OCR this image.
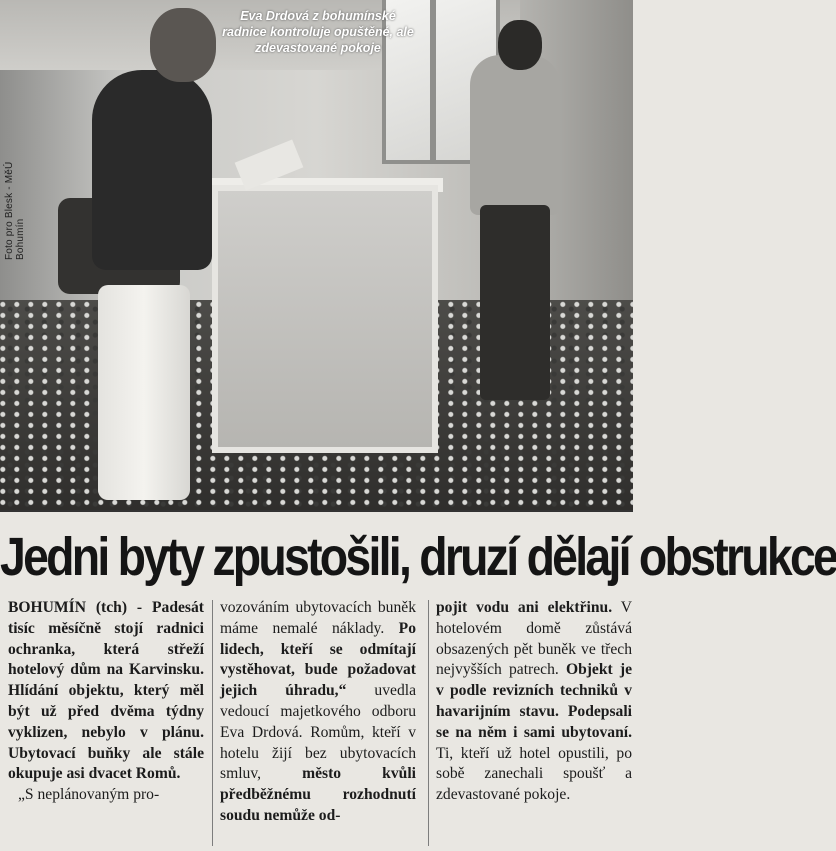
Foto pro Blesk - MěÚ Bohumín
Eva Drdová z bohumínské radnice kontroluje opuštěné, ale zdevastované pokoje
Jedni byty zpustošili, druzí dělají obstrukce

BOHUMÍN (tch) - Padesát tisíc měsíčně stojí radnici ochranka, která střeží hotelový dům na Karvinsku. Hlídání objektu, který měl být už před dvěma týdny vyklizen, nebylo v plánu. Ubytovací buňky ale stále okupuje asi dvacet Romů.

„S neplánovaným pro-

vozováním ubytovacích buněk máme nemalé náklady. Po lidech, kteří se odmítají vystěhovat, bude požadovat jejich úhradu,“ uvedla vedoucí majetkového odboru Eva Drdová. Romům, kteří v hotelu žijí bez ubytovacích smluv, město kvůli předběžnému rozhodnutí soudu nemůže od-

pojit vodu ani elektřinu. V hotelovém domě zůstává obsazených pět buněk ve třech nejvyšších patrech. Objekt je v podle revizních techniků v havarijním stavu. Podepsali se na něm i sami ubytovaní. Ti, kteří už hotel opustili, po sobě zanechali spoušť a zdevastované pokoje.
